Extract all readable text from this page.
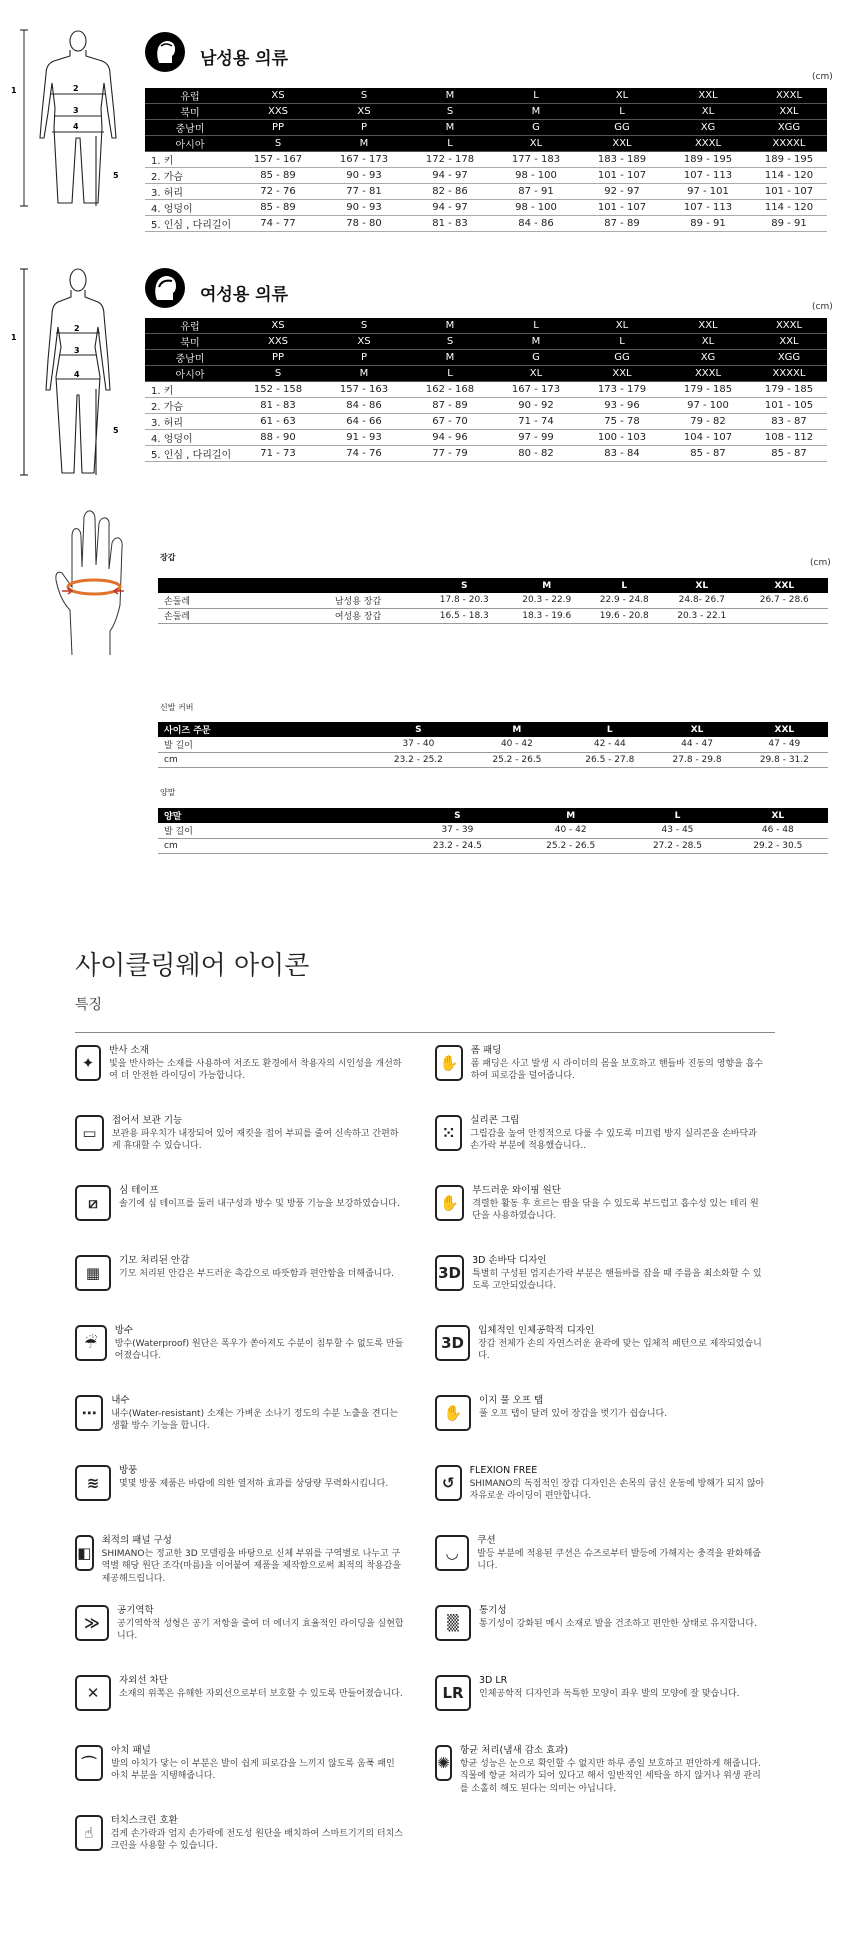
1	2
3
4
5
남성용 의류
(cm)
유럽	XS	S	M	L	XL	XXL	XXXL
북미	XXS	XS	S	M	L	XL	XXL
중남미	PP	P	M	G	GG	XG	XGG
아시아	S	M	L	XL	XXL	XXXL	XXXXL
1. 키	157 - 167	167 - 173	172 - 178	177 - 183	183 - 189	189 - 195	189 - 195
2. 가슴	85 - 89	90 - 93	94 - 97	98 - 100	101 - 107	107 - 113	114 - 120
3. 허리	72 - 76	77 - 81	82 - 86	87 - 91	92 - 97	97 - 101	101 - 107
4. 엉덩이	85 - 89	90 - 93	94 - 97	98 - 100	101 - 107	107 - 113	114 - 120
5. 인심 , 다리길이	74 - 77	78 - 80	81 - 83	84 - 86	87 - 89	89 - 91	89 - 91
1
2
3
4
5
여성용 의류
(cm)
유럽	XS	S	M	L	XL	XXL	XXXL
북미	XXS	XS	S	M	L	XL	XXL
중남미	PP	P	M	G	GG	XG	XGG
아시아	S	M	L	XL	XXL	XXXL	XXXXL
1. 키	152 - 158	157 - 163	162 - 168	167 - 173	173 - 179	179 - 185	179 - 185
2. 가슴	81 - 83	84 - 86	87 - 89	90 - 92	93 - 96	97 - 100	101 - 105
3. 허리	61 - 63	64 - 66	67 - 70	71 - 74	75 - 78	79 - 82	83 - 87
4. 엉덩이	88 - 90	91 - 93	94 - 96	97 - 99	100 - 103	104 - 107	108 - 112
5. 인심 , 다리길이	71 - 73	74 - 76	77 - 79	80 - 82	83 - 84	85 - 87	85 - 87
장갑
(cm)
		S	M	L	XL	XXL
손둘레	남성용 장갑	17.8 - 20.3	20.3 - 22.9	22.9 - 24.8	24.8- 26.7	26.7 - 28.6
손둘레	여성용 장갑	16.5 - 18.3	18.3 - 19.6	19.6 - 20.8	20.3 - 22.1	
신발 커버
사이즈 주문	S	M	L	XL	XXL
발 길이	37 - 40	40 - 42	42 - 44	44 - 47	47 - 49
cm	23.2 - 25.2	25.2 - 26.5	26.5 - 27.8	27.8 - 29.8	29.8 - 31.2
양말
양말	S	M	L	XL
발 길이	37 - 39	40 - 42	43 - 45	46 - 48
cm	23.2 - 24.5	25.2 - 26.5	27.2 - 28.5	29.2 - 30.5
사이클링웨어 아이콘
특징
✦
반사 소재
빛을 반사하는 소재를 사용하여 저조도 환경에서 착용자의 시인성을 개선하여 더 안전한 라이딩이 가능합니다.
▭
접어서 보관 기능
보관용 파우치가 내장되어 있어 재킷을 접어 부피를 줄여 신속하고 간편하게 휴대할 수 있습니다.
⧄
심 테이프
솔기에 심 테이프를 둘러 내구성과 방수 및 방풍 기능을 보강하였습니다.
▦
기모 처리된 안감
기모 처리된 안감은 부드러운 촉감으로 따뜻함과 편안함을 더해줍니다.
☔
방수
방수(Waterproof) 원단은 폭우가 쏟아져도 수분이 침투할 수 없도록 만들어졌습니다.
⋯
내수
내수(Water-resistant) 소재는 가벼운 소나기 정도의 수분 노출을 견디는 생활 방수 기능을 합니다.
≋
방풍
몇몇 방풍 제품은 바람에 의한 열저하 효과를 상당량 무력화시킵니다.
◧
최적의 패널 구성
SHIMANO는 정교한 3D 모델링을 바탕으로 신체 부위를 구역별로 나누고 구역별 해당 원단 조각(마름)을 이어붙여 제품을 제작함으로써 최적의 착용감을 제공해드립니다.
≫
공기역학
공기역학적 성형은 공기 저항을 줄여 더 에너지 효율적인 라이딩을 실현합니다.
✕
자외선 차단
소재의 위쪽은 유해한 자외선으로부터 보호할 수 있도록 만들어졌습니다.
⌒
아치 패널
발의 아치가 닿는 이 부분은 발이 쉽게 피로감을 느끼지 않도록 움푹 패인 아치 부분을 지탱해줍니다.
☝
터치스크린 호환
검게 손가락과 엄지 손가락에 전도성 원단을 배치하여 스마트기기의 터치스크린을 사용할 수 있습니다.
✋
폼 패딩
폼 패딩은 사고 발생 시 라이더의 몸을 보호하고 핸들바 진동의 영향을 흡수하여 피로감을 덜어줍니다.
⁙
실리콘 그립
그립감을 높여 안정적으로 다룰 수 있도록 미끄럼 방지 실리콘을 손바닥과 손가락 부분에 적용했습니다..
✋
부드러운 와이핑 원단
격렬한 활동 후 흐르는 땀을 닦을 수 있도록 부드럽고 흡수성 있는 테리 원단을 사용하였습니다.
3D
3D 손바닥 디자인
특별히 구성된 엄지손가락 부분은 핸들바를 잡을 때 주름을 최소화할 수 있도록 고안되었습니다.
3D
입체적인 인체공학적 디자인
장갑 전체가 손의 자연스러운 윤곽에 맞는 입체적 패턴으로 제작되었습니다.
✋
이지 풀 오프 탭
풀 오프 탭이 달려 있어 장갑을 벗기가 쉽습니다.
↺
FLEXION FREE
SHIMANO의 독점적인 장갑 디자인은 손목의 굽신 운동에 방해가 되지 않아 자유로운 라이딩이 편안합니다.
◡
쿠션
발등 부분에 적용된 쿠션은 슈즈로부터 발등에 가해지는 충격을 완화해줍니다.
▒
통기성
통기성이 강화된 메시 소재로 발을 건조하고 편안한 상태로 유지합니다.
LR
3D LR
인체공학적 디자인과 독특한 모양이 좌우 발의 모양에 잘 맞습니다.
✺
항균 처리(냄새 감소 효과)
항균 성능은 눈으로 확인할 수 없지만 하루 종일 보호하고 편안하게 해줍니다. 직물에 항균 처리가 되어 있다고 해서 일반적인 세탁을 하지 않거나 위생 관리를 소홀히 해도 된다는 의미는 아닙니다.
